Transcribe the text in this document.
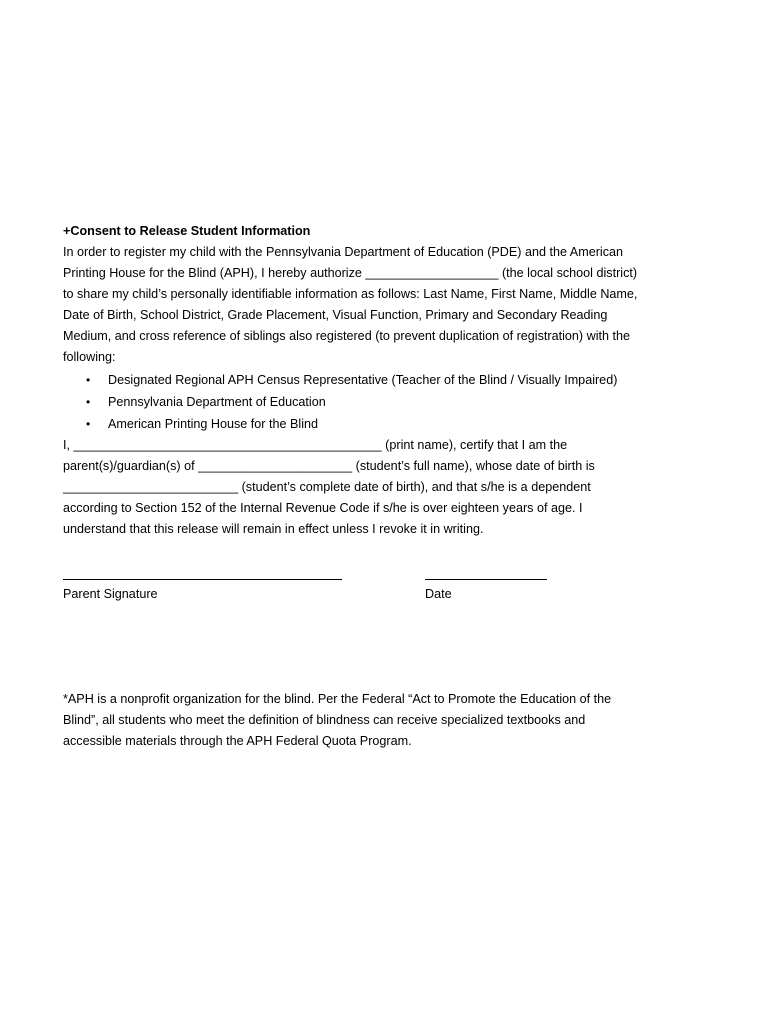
+Consent to Release Student Information
In order to register my child with the Pennsylvania Department of Education (PDE) and the American
Printing House for the Blind (APH), I hereby authorize ___________________ (the local school district)
to share my child’s personally identifiable information as follows: Last Name, First Name, Middle Name,
Date of Birth, School District, Grade Placement, Visual Function, Primary and Secondary Reading
Medium, and cross reference of siblings also registered (to prevent duplication of registration) with the
following:
• Designated Regional APH Census Representative (Teacher of the Blind / Visually Impaired)
• Pennsylvania Department of Education
• American Printing House for the Blind
I, ____________________________________________ (print name), certify that I am the
parent(s)/guardian(s) of ______________________ (student’s full name), whose date of birth is
_________________________ (student’s complete date of birth), and that s/he is a dependent
according to Section 152 of the Internal Revenue Code if s/he is over eighteen years of age. I
understand that this release will remain in effect unless I revoke it in writing.
Parent Signature	Date
*APH is a nonprofit organization for the blind. Per the Federal “Act to Promote the Education of the
Blind”, all students who meet the definition of blindness can receive specialized textbooks and
accessible materials through the APH Federal Quota Program.
